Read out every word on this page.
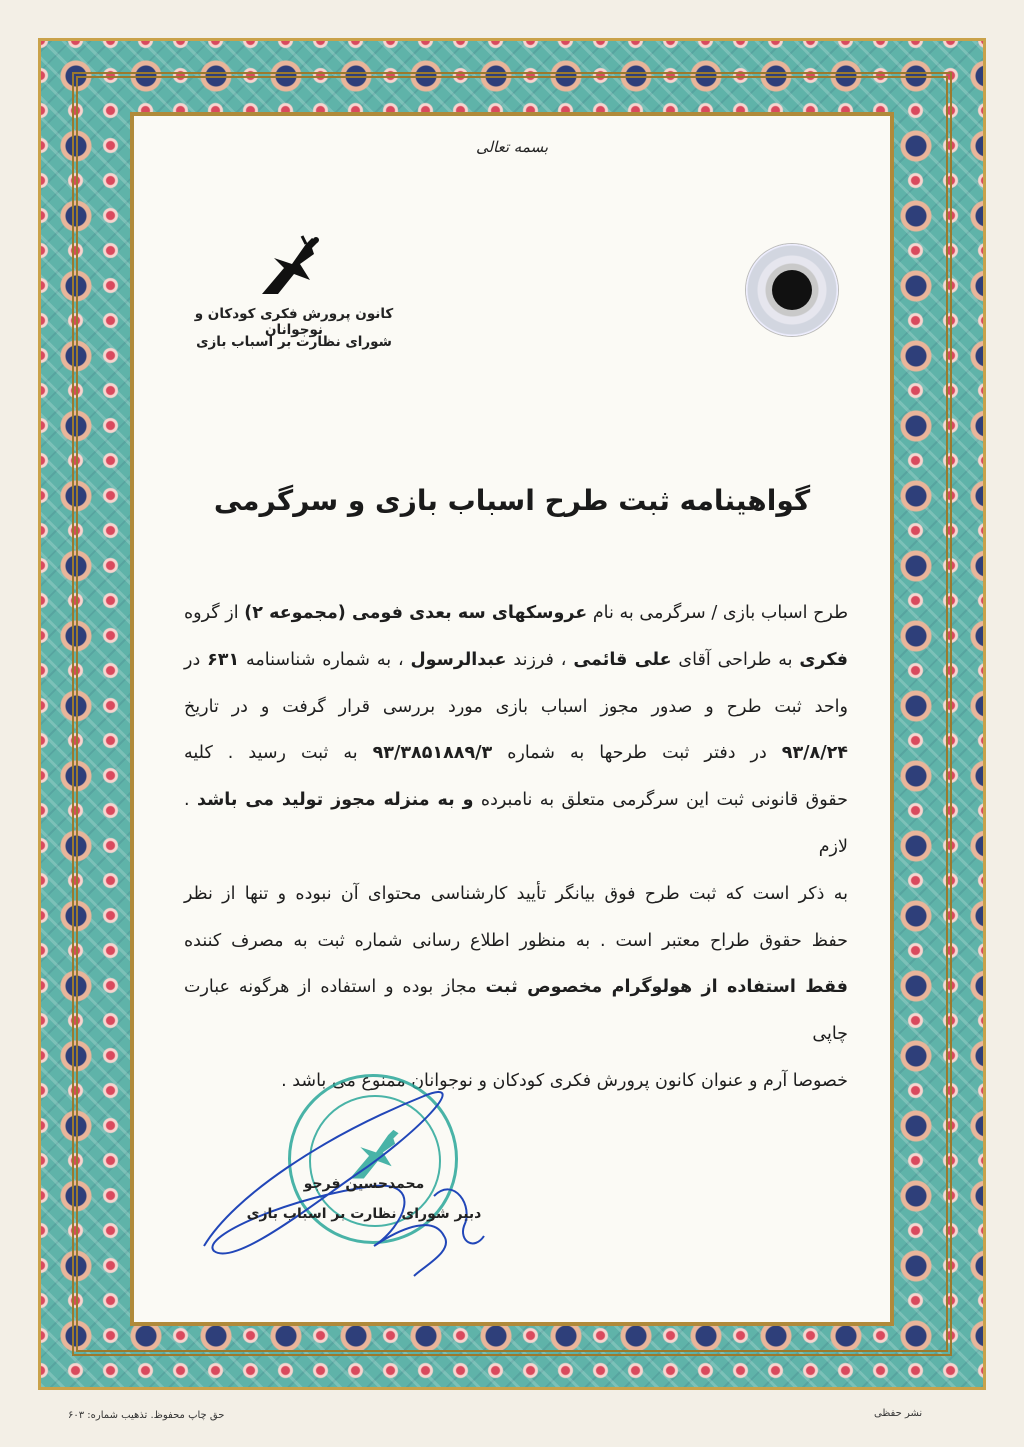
بسمه تعالی
کانون پرورش فکری کودکان و نوجوانان
شورای نظارت بر اسباب بازی
گواهینامه ثبت طرح اسباب بازی و سرگرمی
طرح اسباب بازی / سرگرمی به نام عروسکهای سه بعدی فومی (مجموعه ۲) از گروه
فکری به طراحی آقای علی قائمی ، فرزند عبدالرسول ، به شماره شناسنامه ۶۳۱ در
واحد ثبت طرح و صدور مجوز اسباب بازی مورد بررسی قرار گرفت و در تاریخ
۹۳/۸/۲۴ در دفتر ثبت طرحها به شماره ۹۳/۳۸۵۱۸۸۹/۳ به ثبت رسید . کلیه
حقوق قانونی ثبت این سرگرمی متعلق به نامبرده و به منزله مجوز تولید می باشد . لازم
به ذکر است که ثبت طرح فوق بیانگر تأیید کارشناسی محتوای آن نبوده و تنها از نظر
حفظ حقوق طراح معتبر است . به منظور اطلاع رسانی شماره ثبت به مصرف کننده
فقط استفاده از هولوگرام مخصوص ثبت مجاز بوده و استفاده از هرگونه عبارت چاپی
خصوصا آرم و عنوان کانون پرورش فکری کودکان و نوجوانان ممنوع می باشد .
محمدحسین فرجو
دبیر شورای نظارت بر اسباب بازی
حق چاپ محفوظ. تذهیب شماره: ۶۰۳	نشر حفظی
